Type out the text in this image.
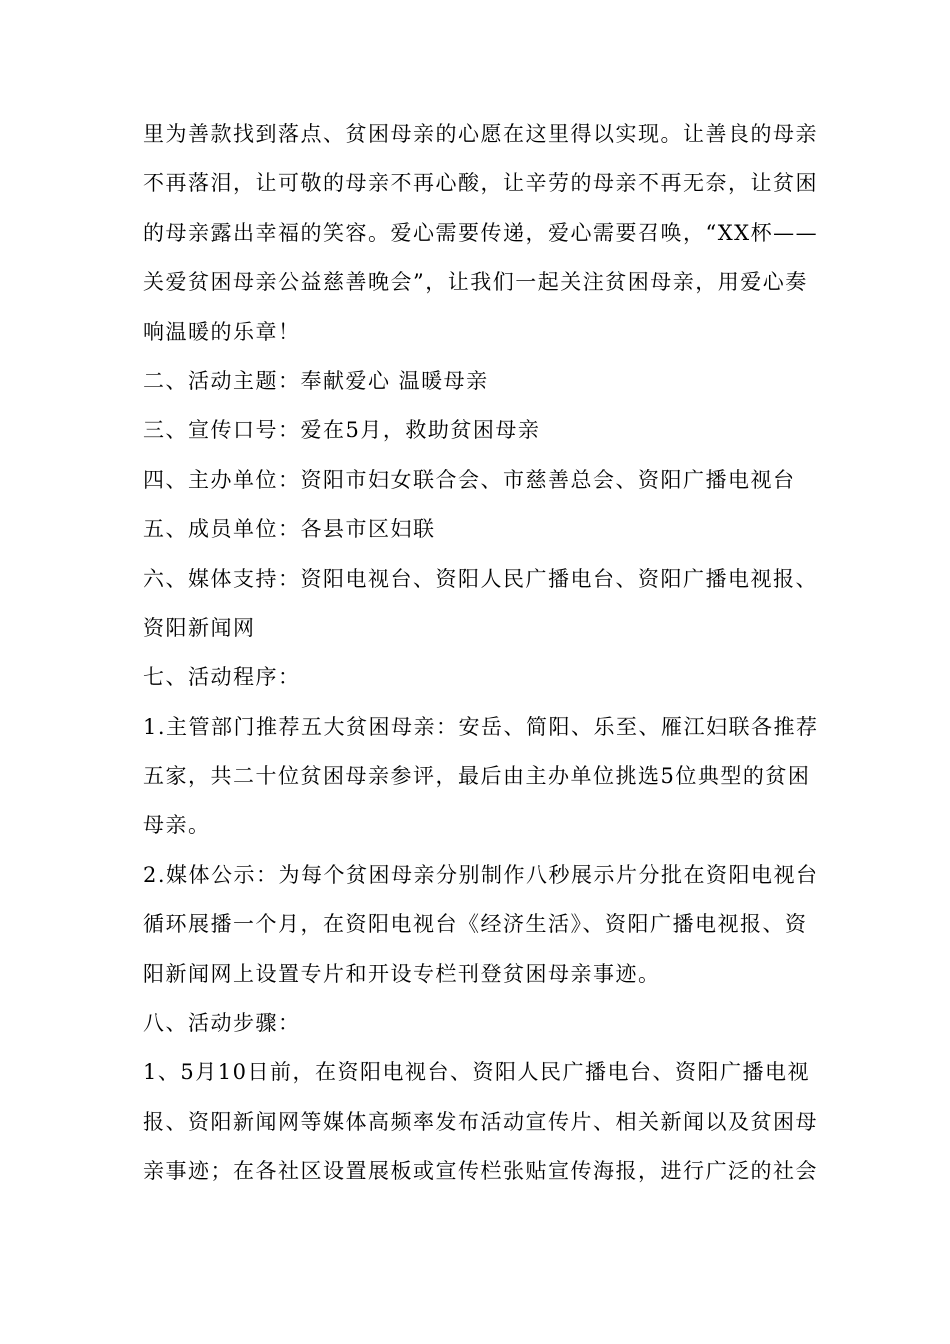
里为善款找到落点、贫困母亲的心愿在这里得以实现。让善良的母亲
不再落泪，让可敬的母亲不再心酸，让辛劳的母亲不再无奈，让贫困
的母亲露出幸福的笑容。爱心需要传递，爱心需要召唤，“XX杯——
关爱贫困母亲公益慈善晚会”，让我们一起关注贫困母亲，用爱心奏
响温暖的乐章！
二、活动主题：奉献爱心 温暖母亲
三、宣传口号：爱在5月，救助贫困母亲
四、主办单位：资阳市妇女联合会、市慈善总会、资阳广播电视台
五、成员单位：各县市区妇联
六、媒体支持：资阳电视台、资阳人民广播电台、资阳广播电视报、
资阳新闻网
七、活动程序：
1.主管部门推荐五大贫困母亲：安岳、简阳、乐至、雁江妇联各推荐
五家，共二十位贫困母亲参评，最后由主办单位挑选5位典型的贫困
母亲。
2.媒体公示：为每个贫困母亲分别制作八秒展示片分批在资阳电视台
循环展播一个月，在资阳电视台《经济生活》、资阳广播电视报、资
阳新闻网上设置专片和开设专栏刊登贫困母亲事迹。
八、活动步骤：
1、5月10日前，在资阳电视台、资阳人民广播电台、资阳广播电视
报、资阳新闻网等媒体高频率发布活动宣传片、相关新闻以及贫困母
亲事迹；在各社区设置展板或宣传栏张贴宣传海报，进行广泛的社会
